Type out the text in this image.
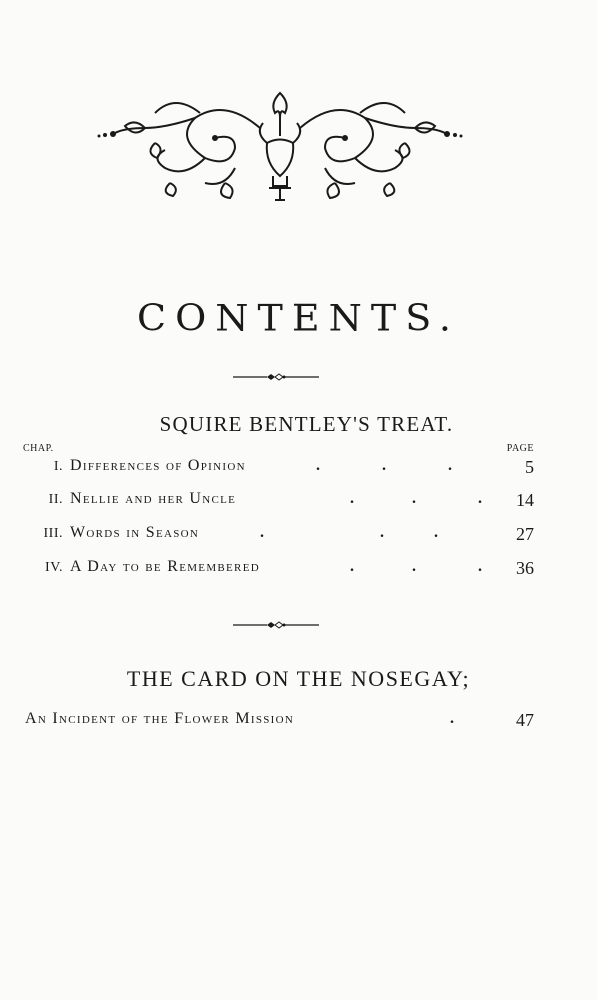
CONTENTS.
SQUIRE BENTLEY'S TREAT.
CHAP.	PAGE
I. Differences of Opinion	.	.	.	5
II. Nellie and her Uncle	.	.	. 14
III. Words in Season	.	.	.	27
IV. A Day to be Remembered	.	.	. 36
THE CARD ON THE NOSEGAY;
An Incident of the Flower Mission	.	47
